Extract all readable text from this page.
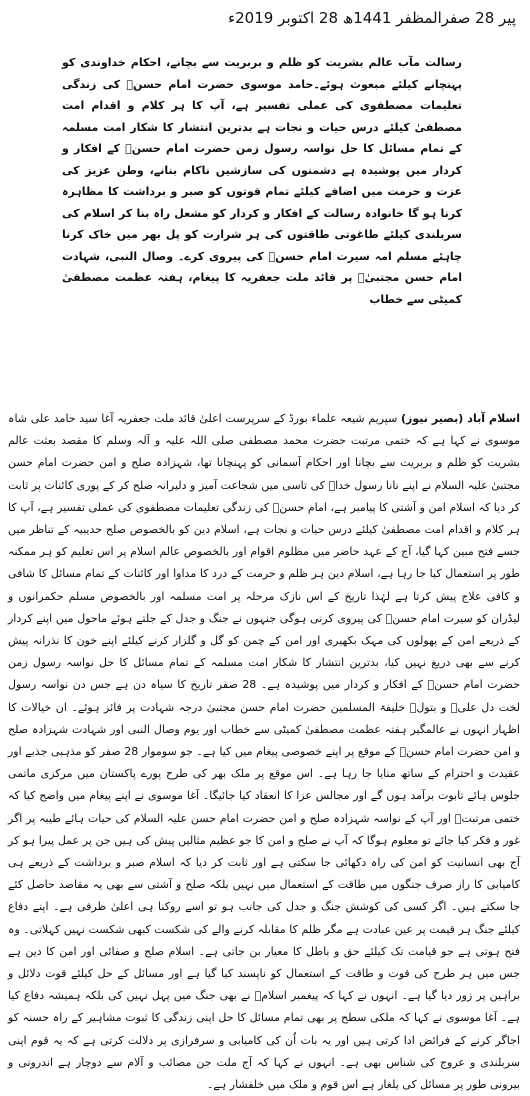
پیر 28 صفرالمظفر 1441ھ 28 اکتوبر 2019ء

رسالت مآب عالم بشریت کو ظلم و بربریت سے بچانے، احکام خداوندی کو پہنچانے کیلئے مبعوث ہوئے۔حامد موسوی حضرت امام حسنؑ کی زندگی تعلیمات مصطفوی کی عملی تفسیر ہے، آپ کا ہر کلام و اقدام امت مصطفیٰ کیلئے درس حیات و نجات ہے بدترین انتشار کا شکار امت مسلمہ کے تمام مسائل کا حل نواسہ رسول زمن حضرت امام حسنؑ کے افکار و کردار میں پوشیدہ ہے دشمنوں کی سازشیں ناکام بنانے، وطن عزیز کی عزت و حرمت میں اضافے کیلئے تمام قوتوں کو صبر و برداشت کا مظاہرہ کرنا ہو گا خانوادہ رسالت کے افکار و کردار کو مشعل راہ بنا کر اسلام کی سربلندی کیلئے طاغوتی طاقتوں کی ہر شرارت کو پل بھر میں خاک کرنا چاہئے مسلم امہ سیرت امام حسنؑ کی پیروی کرے۔ وصال النبی، شہادت امام حسن مجتبیٰؑ پر قائد ملت جعفریہ کا پیغام، ہفتہ عظمت مصطفیٰ کمیٹی سے خطاب

اسلام آباد (بصیر نیوز) سپریم شیعہ علماء بورڈ کے سرپرست اعلیٰ قائد ملت جعفریہ آغا سید حامد علی شاہ موسوی نے کہا ہے کہ ختمی مرتبت حضرت محمد مصطفی صلی اللہ علیہ و آلہ وسلم کا مقصد بعثت عالم بشریت کو ظلم و بربریت سے بچانا اور احکام آسمانی کو پہنچانا تھا، شہزادہ صلح و امن حضرت امام حسن مجتبیٰ علیہ السلام نے اپنے نانا رسول خداؐ کی تاسی میں شجاعت آمیز و دلیرانہ صلح کر کے پوری کائنات پر ثابت کر دیا کہ اسلام امن و آشتی کا پیامبر ہے، امام حسنؑ کی زندگی تعلیمات مصطفوی کی عملی تفسیر ہے، آپ کا ہر کلام و اقدام امت مصطفیٰ کیلئے درس حیات و نجات ہے، اسلام دین کو بالخصوص صلح حدیبیہ کے تناظر میں جسے فتح مبین کہا گیا، آج کے عہد حاضر میں مظلوم اقوام اور بالخصوص عالم اسلام پر اس تعلیم کو ہر ممکنہ طور پر استعمال کیا جا رہا ہے، اسلام دین ہر ظلم و حرمت کے درد کا مداوا اور کائنات کے تمام مسائل کا شافی و کافی علاج پیش کرتا ہے لہٰذا تاریخ کے اس نازک مرحلہ پر امت مسلمہ اور بالخصوص مسلم حکمرانوں و لیڈران کو سیرت امام حسنؑ کی پیروی کرنی ہوگی جنہوں نے جنگ و جدل کے جلتے ہوئے ماحول میں اپنے کردار کے ذریعے امن کے پھولوں کی مہک بکھیری اور امن کے چمن کو گل و گلزار کرنے کیلئے اپنے خون کا نذرانہ پیش کرنے سے بھی دریغ نہیں کیا، بدترین انتشار کا شکار امت مسلمہ کے تمام مسائل کا حل نواسہ رسول زمن حضرت امام حسنؑ کے افکار و کردار میں پوشیدہ ہے۔ 28 صفر تاریخ کا سیاہ دن ہے جس دن نواسہ رسول لخت دل علیؑ و بتولؑ خلیفۃ المسلمین حضرت امام حسن مجتبیٰ درجہ شہادت پر فائز ہوئے۔ ان خیالات کا اظہار انہوں نے عالمگیر ہفتہ عظمت مصطفیٰ کمیٹی سے خطاب اور یوم وصال النبی اور شہادت شہزادہ صلح و امن حضرت امام حسنؑ کے موقع پر اپنے خصوصی پیغام میں کیا ہے۔ جو سوموار 28 صفر کو مذہبی جذبے اور عقیدت و احترام کے ساتھ منایا جا رہا ہے۔ اس موقع پر ملک بھر کی طرح پورے پاکستان میں مرکزی ماتمی جلوس ہائے تابوت برآمد ہوں گے اور مجالس عزا کا انعقاد کیا جائیگا۔ آغا موسوی نے اپنے پیغام میں واضح کیا کہ ختمی مرتبتؐ اور آپ کے نواسہ شہزادہ صلح و امن حضرت امام حسن علیہ السلام کی حیات ہائے طیبہ پر اگر غور و فکر کیا جائے تو معلوم ہوگا کہ آپ نے صلح و امن کا جو عظیم مثالیں پیش کی ہیں جن پر عمل پیرا ہو کر آج بھی انسانیت کو امن کی راہ دکھائی جا سکتی ہے اور ثابت کر دیا کہ اسلام صبر و برداشت کے ذریعے ہی کامیابی کا راز صرف جنگوں میں طاقت کے استعمال میں نہیں بلکہ صلح و آشتی سے بھی یہ مقاصد حاصل کئے جا سکتے ہیں۔ اگر کسی کی کوشش جنگ و جدل کی جانب ہو تو اسے روکنا ہی اعلیٰ ظرفی ہے۔ اپنے دفاع کیلئے جنگ ہر قیمت پر عین عبادت ہے مگر ظلم کا مقابلہ کرنے والے کی شکست کبھی شکست نہیں کہلاتی۔ وہ فتح ہوتی ہے جو قیامت تک کیلئے حق و باطل کا معیار بن جاتی ہے۔ اسلام صلح و صفائی اور امن کا دین ہے جس میں ہر طرح کی قوت و طاقت کے استعمال کو ناپسند کیا گیا ہے اور مسائل کے حل کیلئے قوت دلائل و براہین پر زور دیا گیا ہے۔ انہوں نے کہا کہ پیغمبر اسلامؐ نے بھی جنگ میں پہل نہیں کی بلکہ ہمیشہ دفاع کیا ہے۔ آغا موسوی نے کہا کہ ملکی سطح پر بھی تمام مسائل کا حل اپنی زندگی کا ثبوت مشاہیر کے راہ حسنہ کو اجاگر کرنے کے فرائض ادا کرتی ہیں اور یہ بات اُن کی کامیابی و سرفرازی پر دلالت کرتی ہے کہ یہ قوم اپنی سربلندی و عروج کی شناس بھی ہے۔ انہوں نے کہا کہ آج ملت جن مصائب و آلام سے دوچار ہے اندرونی و بیرونی طور پر مسائل کی یلغار ہے اس قوم و ملک میں خلفشار ہے۔
